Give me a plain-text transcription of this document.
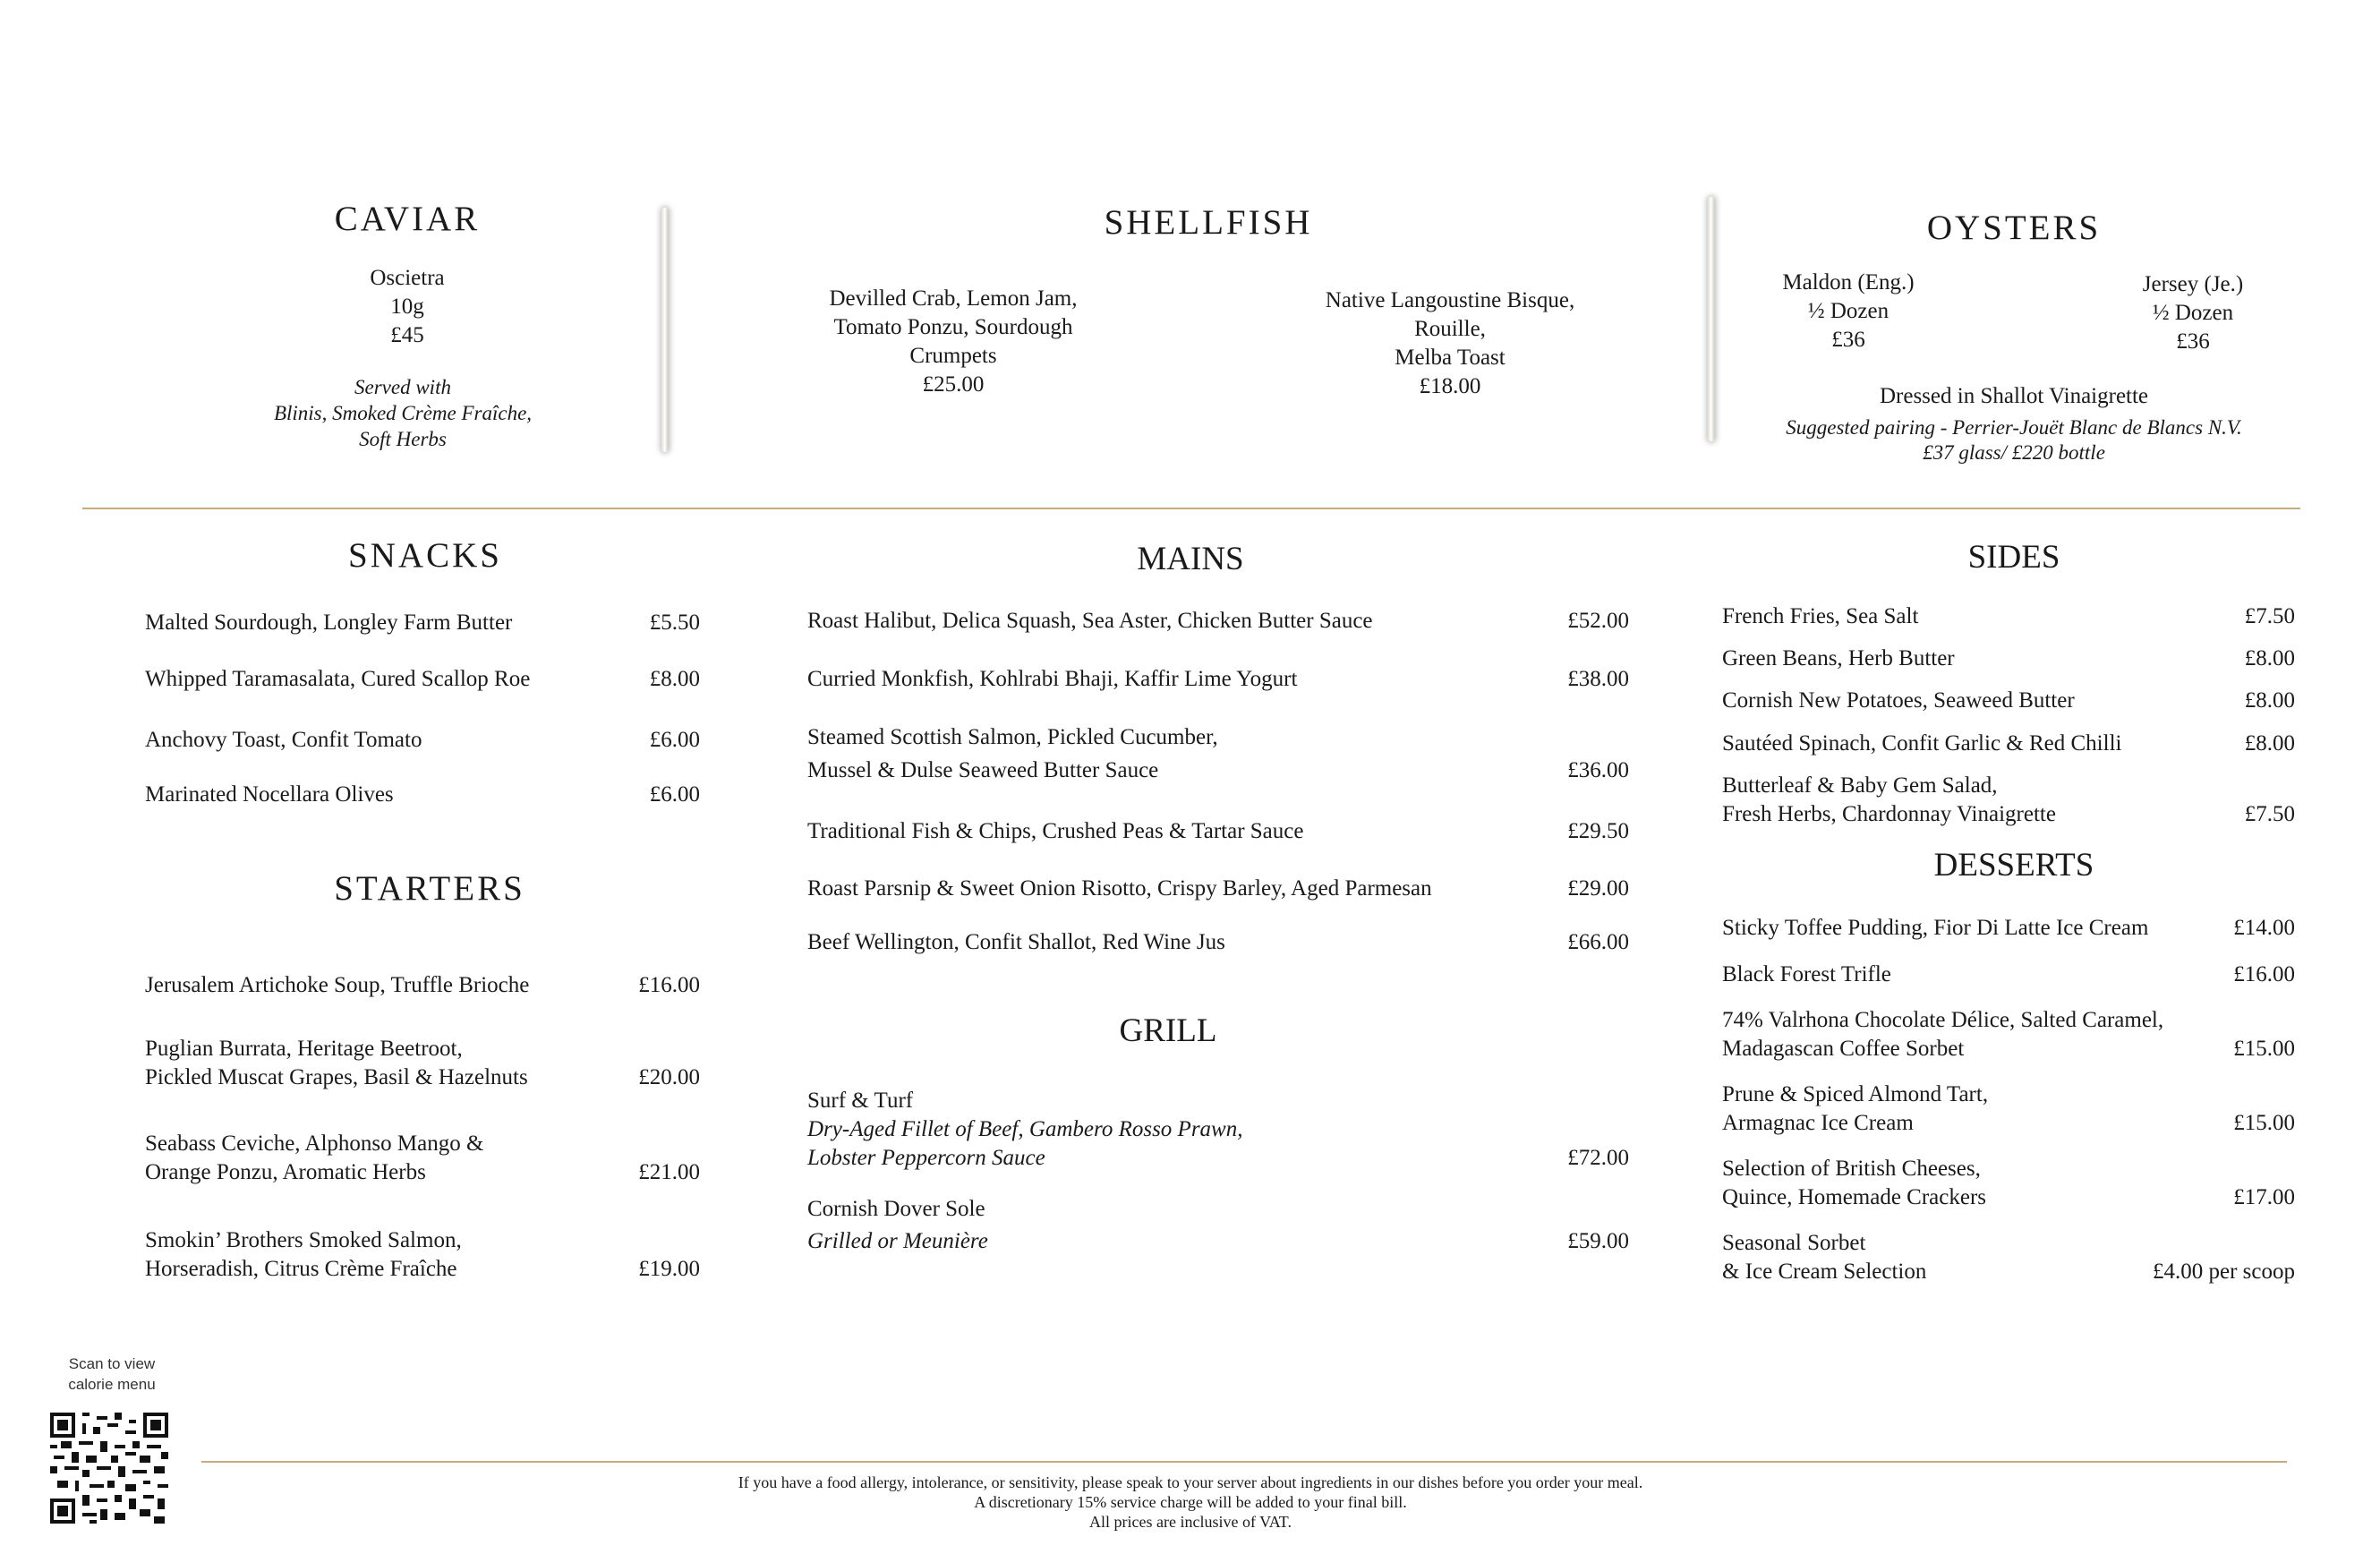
CAVIAR
Oscietra
10g
£45
Served with
Blinis, Smoked Crème Fraîche,
Soft Herbs
SHELLFISH
Devilled Crab, Lemon Jam,
Tomato Ponzu, Sourdough
Crumpets
£25.00
Native Langoustine Bisque,
Rouille,
Melba Toast
£18.00
OYSTERS
Maldon (Eng.)
½ Dozen
£36
Jersey (Je.)
½ Dozen
£36
Dressed in Shallot Vinaigrette
Suggested pairing - Perrier-Jouët Blanc de Blancs N.V.
£37 glass/ £220 bottle
SNACKS
Malted Sourdough, Longley Farm Butter	£5.50
Whipped Taramasalata, Cured Scallop Roe	£8.00
Anchovy Toast, Confit Tomato	£6.00
Marinated Nocellara Olives	£6.00
STARTERS
Jerusalem Artichoke Soup, Truffle Brioche	£16.00
Puglian Burrata, Heritage Beetroot,
Pickled Muscat Grapes, Basil & Hazelnuts	£20.00
Seabass Ceviche, Alphonso Mango &
Orange Ponzu, Aromatic Herbs	£21.00
Smokin’ Brothers Smoked Salmon,
Horseradish, Citrus Crème Fraîche	£19.00
MAINS
Roast Halibut, Delica Squash, Sea Aster, Chicken Butter Sauce	£52.00
Curried Monkfish, Kohlrabi Bhaji, Kaffir Lime Yogurt	£38.00
Steamed Scottish Salmon, Pickled Cucumber,
Mussel & Dulse Seaweed Butter Sauce	£36.00
Traditional Fish & Chips, Crushed Peas & Tartar Sauce	£29.50
Roast Parsnip & Sweet Onion Risotto, Crispy Barley, Aged Parmesan	£29.00
Beef Wellington, Confit Shallot, Red Wine Jus	£66.00
GRILL
Surf & Turf
Dry-Aged Fillet of Beef, Gambero Rosso Prawn,
Lobster Peppercorn Sauce	£72.00
Cornish Dover Sole
Grilled or Meunière	£59.00
SIDES
French Fries, Sea Salt	£7.50
Green Beans, Herb Butter	£8.00
Cornish New Potatoes, Seaweed Butter	£8.00
Sautéed Spinach, Confit Garlic & Red Chilli	£8.00
Butterleaf & Baby Gem Salad,
Fresh Herbs, Chardonnay Vinaigrette	£7.50
DESSERTS
Sticky Toffee Pudding, Fior Di Latte Ice Cream	£14.00
Black Forest Trifle	£16.00
74% Valrhona Chocolate Délice, Salted Caramel,
Madagascan Coffee Sorbet	£15.00
Prune & Spiced Almond Tart,
Armagnac Ice Cream	£15.00
Selection of British Cheeses,
Quince, Homemade Crackers	£17.00
Seasonal Sorbet
& Ice Cream Selection	£4.00 per scoop
Scan to view
calorie menu
If you have a food allergy, intolerance, or sensitivity, please speak to your server about ingredients in our dishes before you order your meal.
A discretionary 15% service charge will be added to your final bill.
All prices are inclusive of VAT.
